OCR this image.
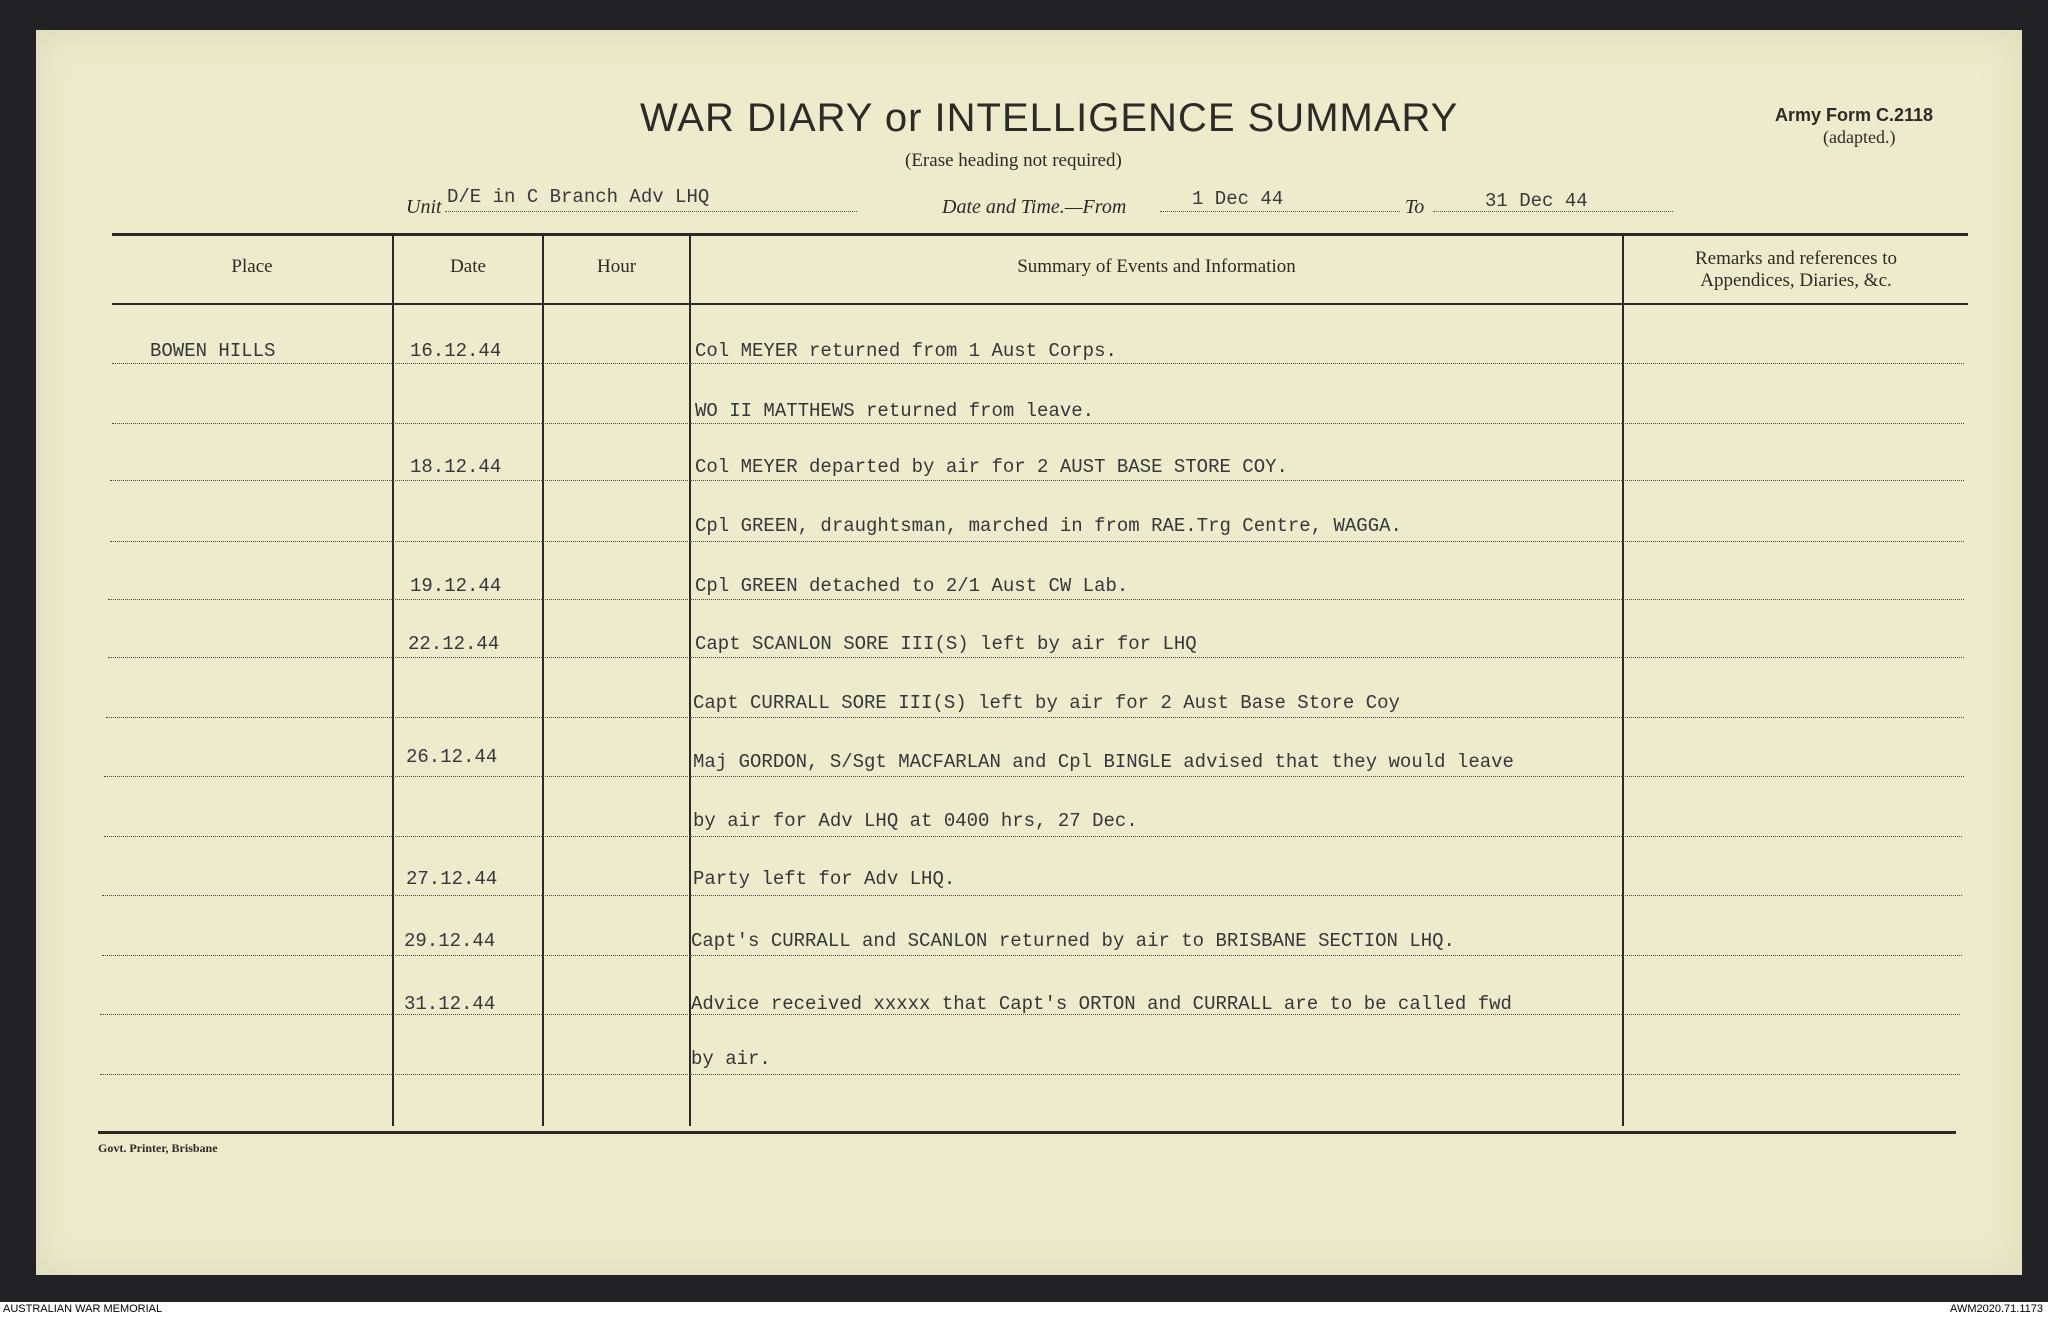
WAR DIARY or INTELLIGENCE SUMMARY
(Erase heading not required)
Army Form C.2118
(adapted.)
Unit D/E in C Branch Adv LHQ	Date and Time.—From	1 Dec 44	To	31 Dec 44
Place	Date	Hour	Summary of Events and Information	Remarks and references to Appendices, Diaries, &c.
BOWEN HILLS	16.12.44	Col MEYER returned from 1 Aust Corps.
WO II MATTHEWS returned from leave.
18.12.44	Col MEYER departed by air for 2 AUST BASE STORE COY.
Cpl GREEN, draughtsman, marched in from RAE.Trg Centre, WAGGA.
19.12.44	Cpl GREEN detached to 2/1 Aust CW Lab.
22.12.44	Capt SCANLON SORE III(S) left by air for LHQ
Capt CURRALL SORE III(S) left by air for 2 Aust Base Store Coy
26.12.44	Maj GORDON, S/Sgt MACFARLAN and Cpl BINGLE advised that they would leave
by air for Adv LHQ at 0400 hrs, 27 Dec.
27.12.44	Party left for Adv LHQ.
29.12.44	Capt's CURRALL and SCANLON returned by air to BRISBANE SECTION LHQ.
31.12.44	Advice received xxxxx that Capt's ORTON and CURRALL are to be called fwd
by air.
Govt. Printer, Brisbane
AUSTRALIAN WAR MEMORIAL	AWM2020.71.1173
